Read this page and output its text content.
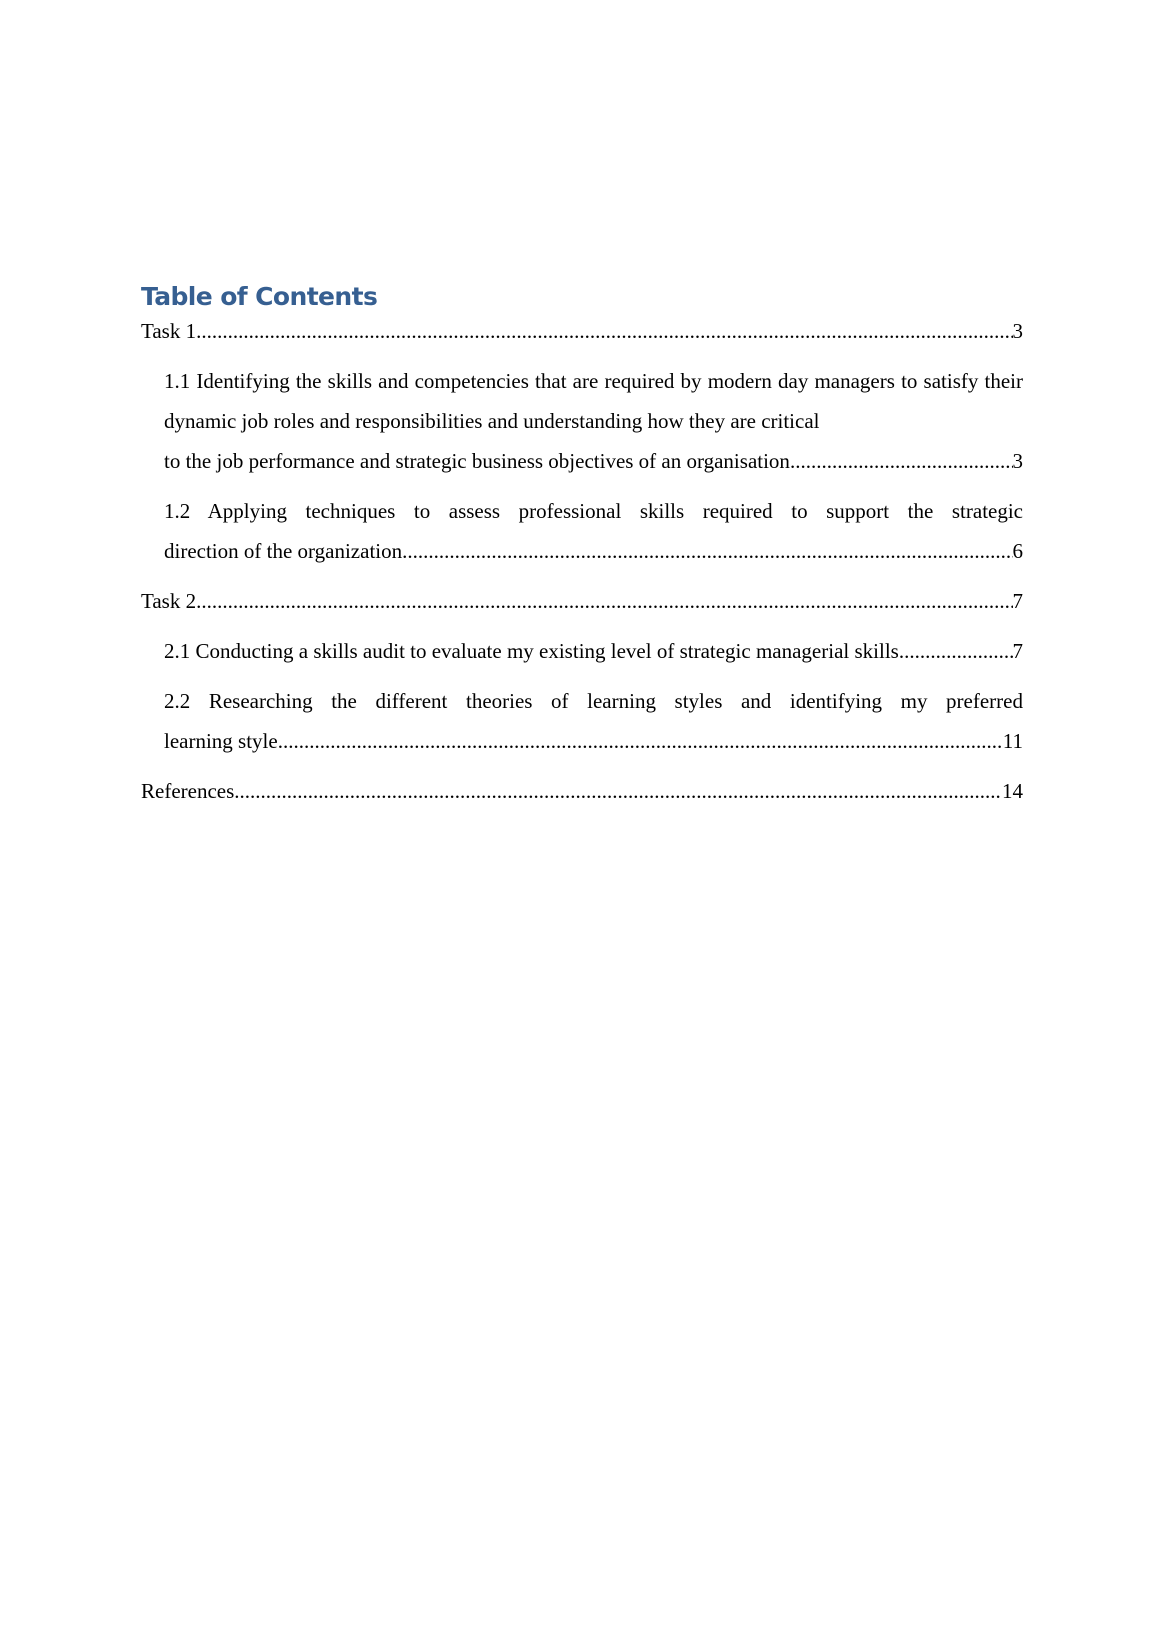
Table of Contents
Task 1 .....	3
1.1 Identifying the skills and competencies that are required by modern day managers to satisfy their dynamic job roles and responsibilities and understanding how they are critical
to the job performance and strategic business objectives of an organisation .....	3
1.2 Applying techniques to assess professional skills required to support the strategic
direction of the organization .....	6
Task 2 .....	7
2.1 Conducting a skills audit to evaluate my existing level of strategic managerial skills .....	7
2.2 Researching the different theories of learning styles and identifying my preferred
learning style .....	11
References .....	14
